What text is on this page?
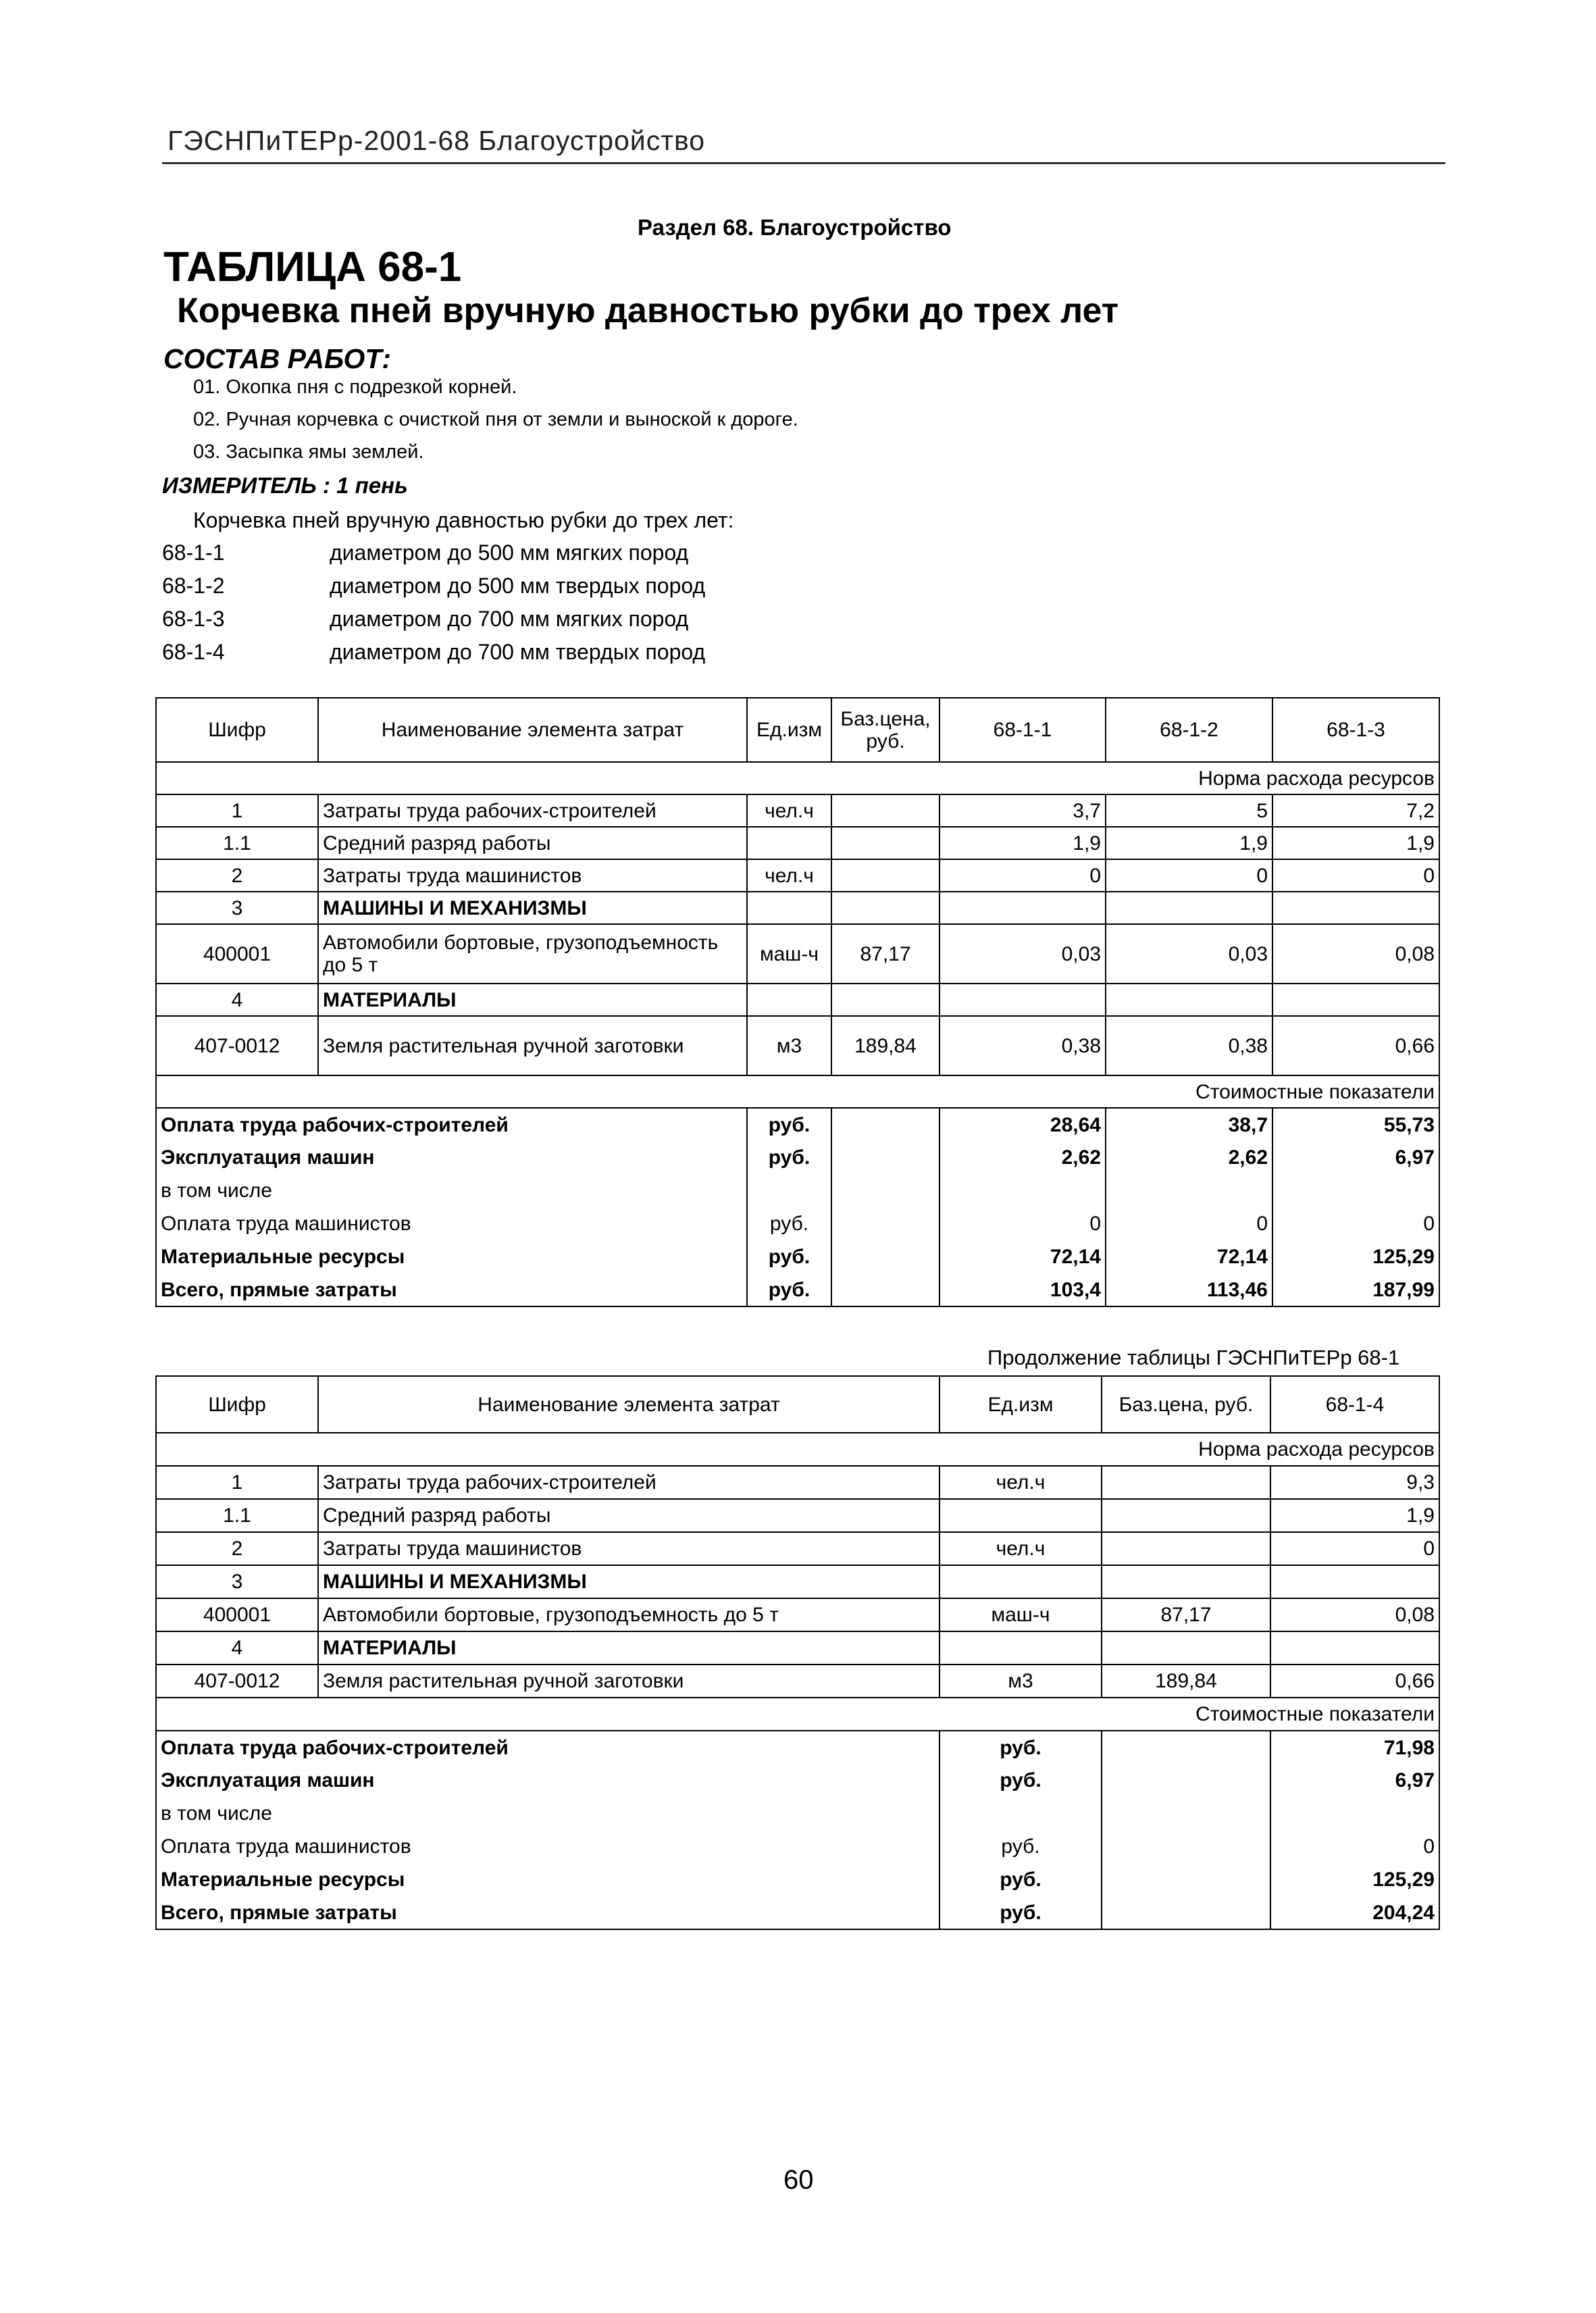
ГЭСНПиТЕРр-2001-68 Благоустройство
Раздел 68. Благоустройство
ТАБЛИЦА 68-1
Корчевка пней вручную давностью рубки до трех лет
СОСТАВ РАБОТ:
01. Окопка пня с подрезкой корней.
02. Ручная корчевка с очисткой пня от земли и выноской к дороге.
03. Засыпка ямы землей.
ИЗМЕРИТЕЛЬ : 1 пень
Корчевка пней вручную давностью рубки до трех лет:
68-1-1	диаметром до 500 мм мягких пород
68-1-2	диаметром до 500 мм твердых пород
68-1-3	диаметром до 700 мм мягких пород
68-1-4	диаметром до 700 мм твердых пород
Шифр	Наименование элемента затрат	Ед.изм	Баз.цена, руб.	68-1-1	68-1-2	68-1-3
Норма расхода ресурсов						
1	Затраты труда рабочих-строителей	чел.ч		3,7	5	7,2
1.1	Средний разряд работы			1,9	1,9	1,9
2	Затраты труда машинистов	чел.ч		0	0	0
3	МАШИНЫ И МЕХАНИЗМЫ					
400001	Автомобили бортовые, грузоподъемность до 5 т	маш-ч	87,17	0,03	0,03	0,08
4	МАТЕРИАЛЫ					
407-0012	Земля растительная ручной заготовки	м3	189,84	0,38	0,38	0,66
Стоимостные показатели						
Оплата труда рабочих-строителей		руб.		28,64	38,7	55,73
Эксплуатация машин		руб.		2,62	2,62	6,97
в том числе						
Оплата труда машинистов		руб.		0	0	0
Материальные ресурсы		руб.		72,14	72,14	125,29
Всего, прямые затраты		руб.		103,4	113,46	187,99
Продолжение таблицы ГЭСНПиТЕРр 68-1
Шифр	Наименование элемента затрат	Ед.изм	Баз.цена, руб.	68-1-4
Норма расхода ресурсов				
1	Затраты труда рабочих-строителей	чел.ч		9,3
1.1	Средний разряд работы			1,9
2	Затраты труда машинистов	чел.ч		0
3	МАШИНЫ И МЕХАНИЗМЫ			
400001	Автомобили бортовые, грузоподъемность до 5 т	маш-ч	87,17	0,08
4	МАТЕРИАЛЫ			
407-0012	Земля растительная ручной заготовки	м3	189,84	0,66
Стоимостные показатели				
Оплата труда рабочих-строителей		руб.		71,98
Эксплуатация машин		руб.		6,97
в том числе				
Оплата труда машинистов		руб.		0
Материальные ресурсы		руб.		125,29
Всего, прямые затраты		руб.		204,24
60
